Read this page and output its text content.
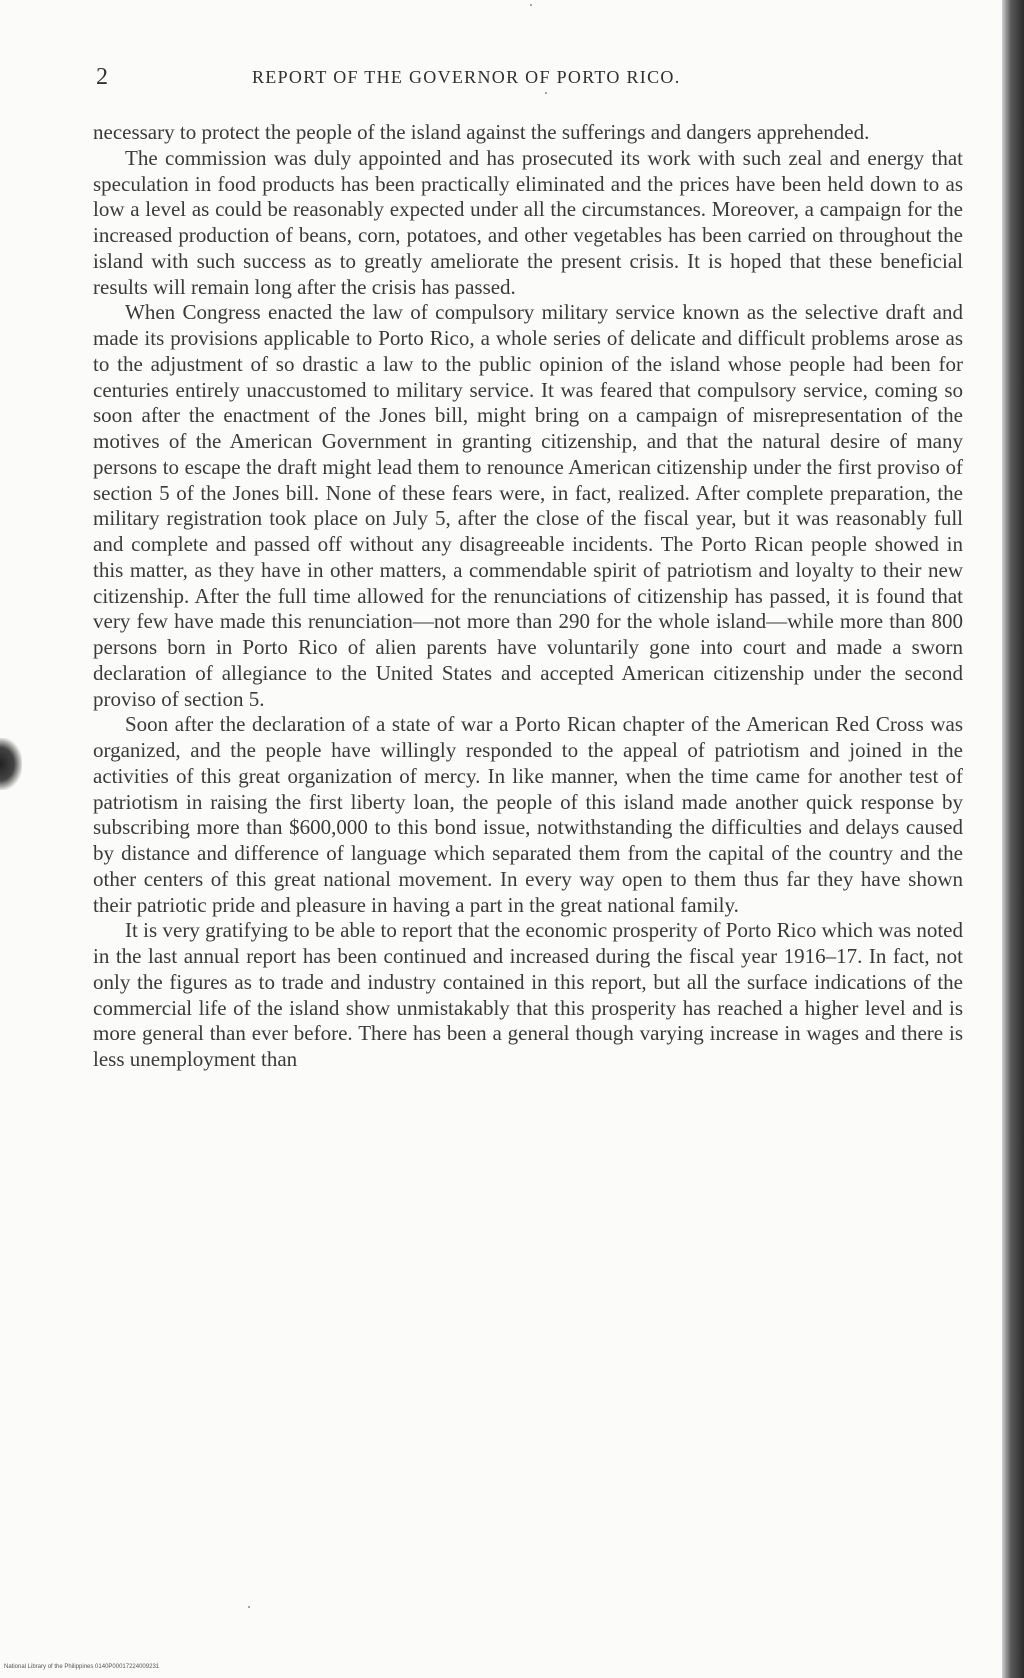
2	REPORT OF THE GOVERNOR OF PORTO RICO.

necessary to protect the people of the island against the sufferings and dangers apprehended.

The commission was duly appointed and has prosecuted its work with such zeal and energy that speculation in food products has been practically eliminated and the prices have been held down to as low a level as could be reasonably expected under all the circumstances. Moreover, a campaign for the increased production of beans, corn, potatoes, and other vegetables has been carried on throughout the island with such success as to greatly ameliorate the present crisis. It is hoped that these beneficial results will remain long after the crisis has passed.

When Congress enacted the law of compulsory military service known as the selective draft and made its provisions applicable to Porto Rico, a whole series of delicate and difficult problems arose as to the adjustment of so drastic a law to the public opinion of the island whose people had been for centuries entirely unaccustomed to military service. It was feared that compulsory service, coming so soon after the enactment of the Jones bill, might bring on a campaign of misrepresentation of the motives of the American Government in granting citizenship, and that the natural desire of many persons to escape the draft might lead them to renounce American citizenship under the first proviso of section 5 of the Jones bill. None of these fears were, in fact, realized. After complete preparation, the military registration took place on July 5, after the close of the fiscal year, but it was reasonably full and complete and passed off without any disagreeable incidents. The Porto Rican people showed in this matter, as they have in other matters, a commendable spirit of patriotism and loyalty to their new citizenship. After the full time allowed for the renunciations of citizenship has passed, it is found that very few have made this renunciation—not more than 290 for the whole island—while more than 800 persons born in Porto Rico of alien parents have voluntarily gone into court and made a sworn declaration of allegiance to the United States and accepted American citizenship under the second proviso of section 5.

Soon after the declaration of a state of war a Porto Rican chapter of the American Red Cross was organized, and the people have willingly responded to the appeal of patriotism and joined in the activities of this great organization of mercy. In like manner, when the time came for another test of patriotism in raising the first liberty loan, the people of this island made another quick response by subscribing more than $600,000 to this bond issue, notwithstanding the difficulties and delays caused by distance and difference of language which separated them from the capital of the country and the other centers of this great national movement. In every way open to them thus far they have shown their patriotic pride and pleasure in having a part in the great national family.

It is very gratifying to be able to report that the economic prosperity of Porto Rico which was noted in the last annual report has been continued and increased during the fiscal year 1916–17. In fact, not only the figures as to trade and industry contained in this report, but all the surface indications of the commercial life of the island show unmistakably that this prosperity has reached a higher level and is more general than ever before. There has been a general though varying increase in wages and there is less unemployment than

National Library of the Philippines 0140P00017224009231
